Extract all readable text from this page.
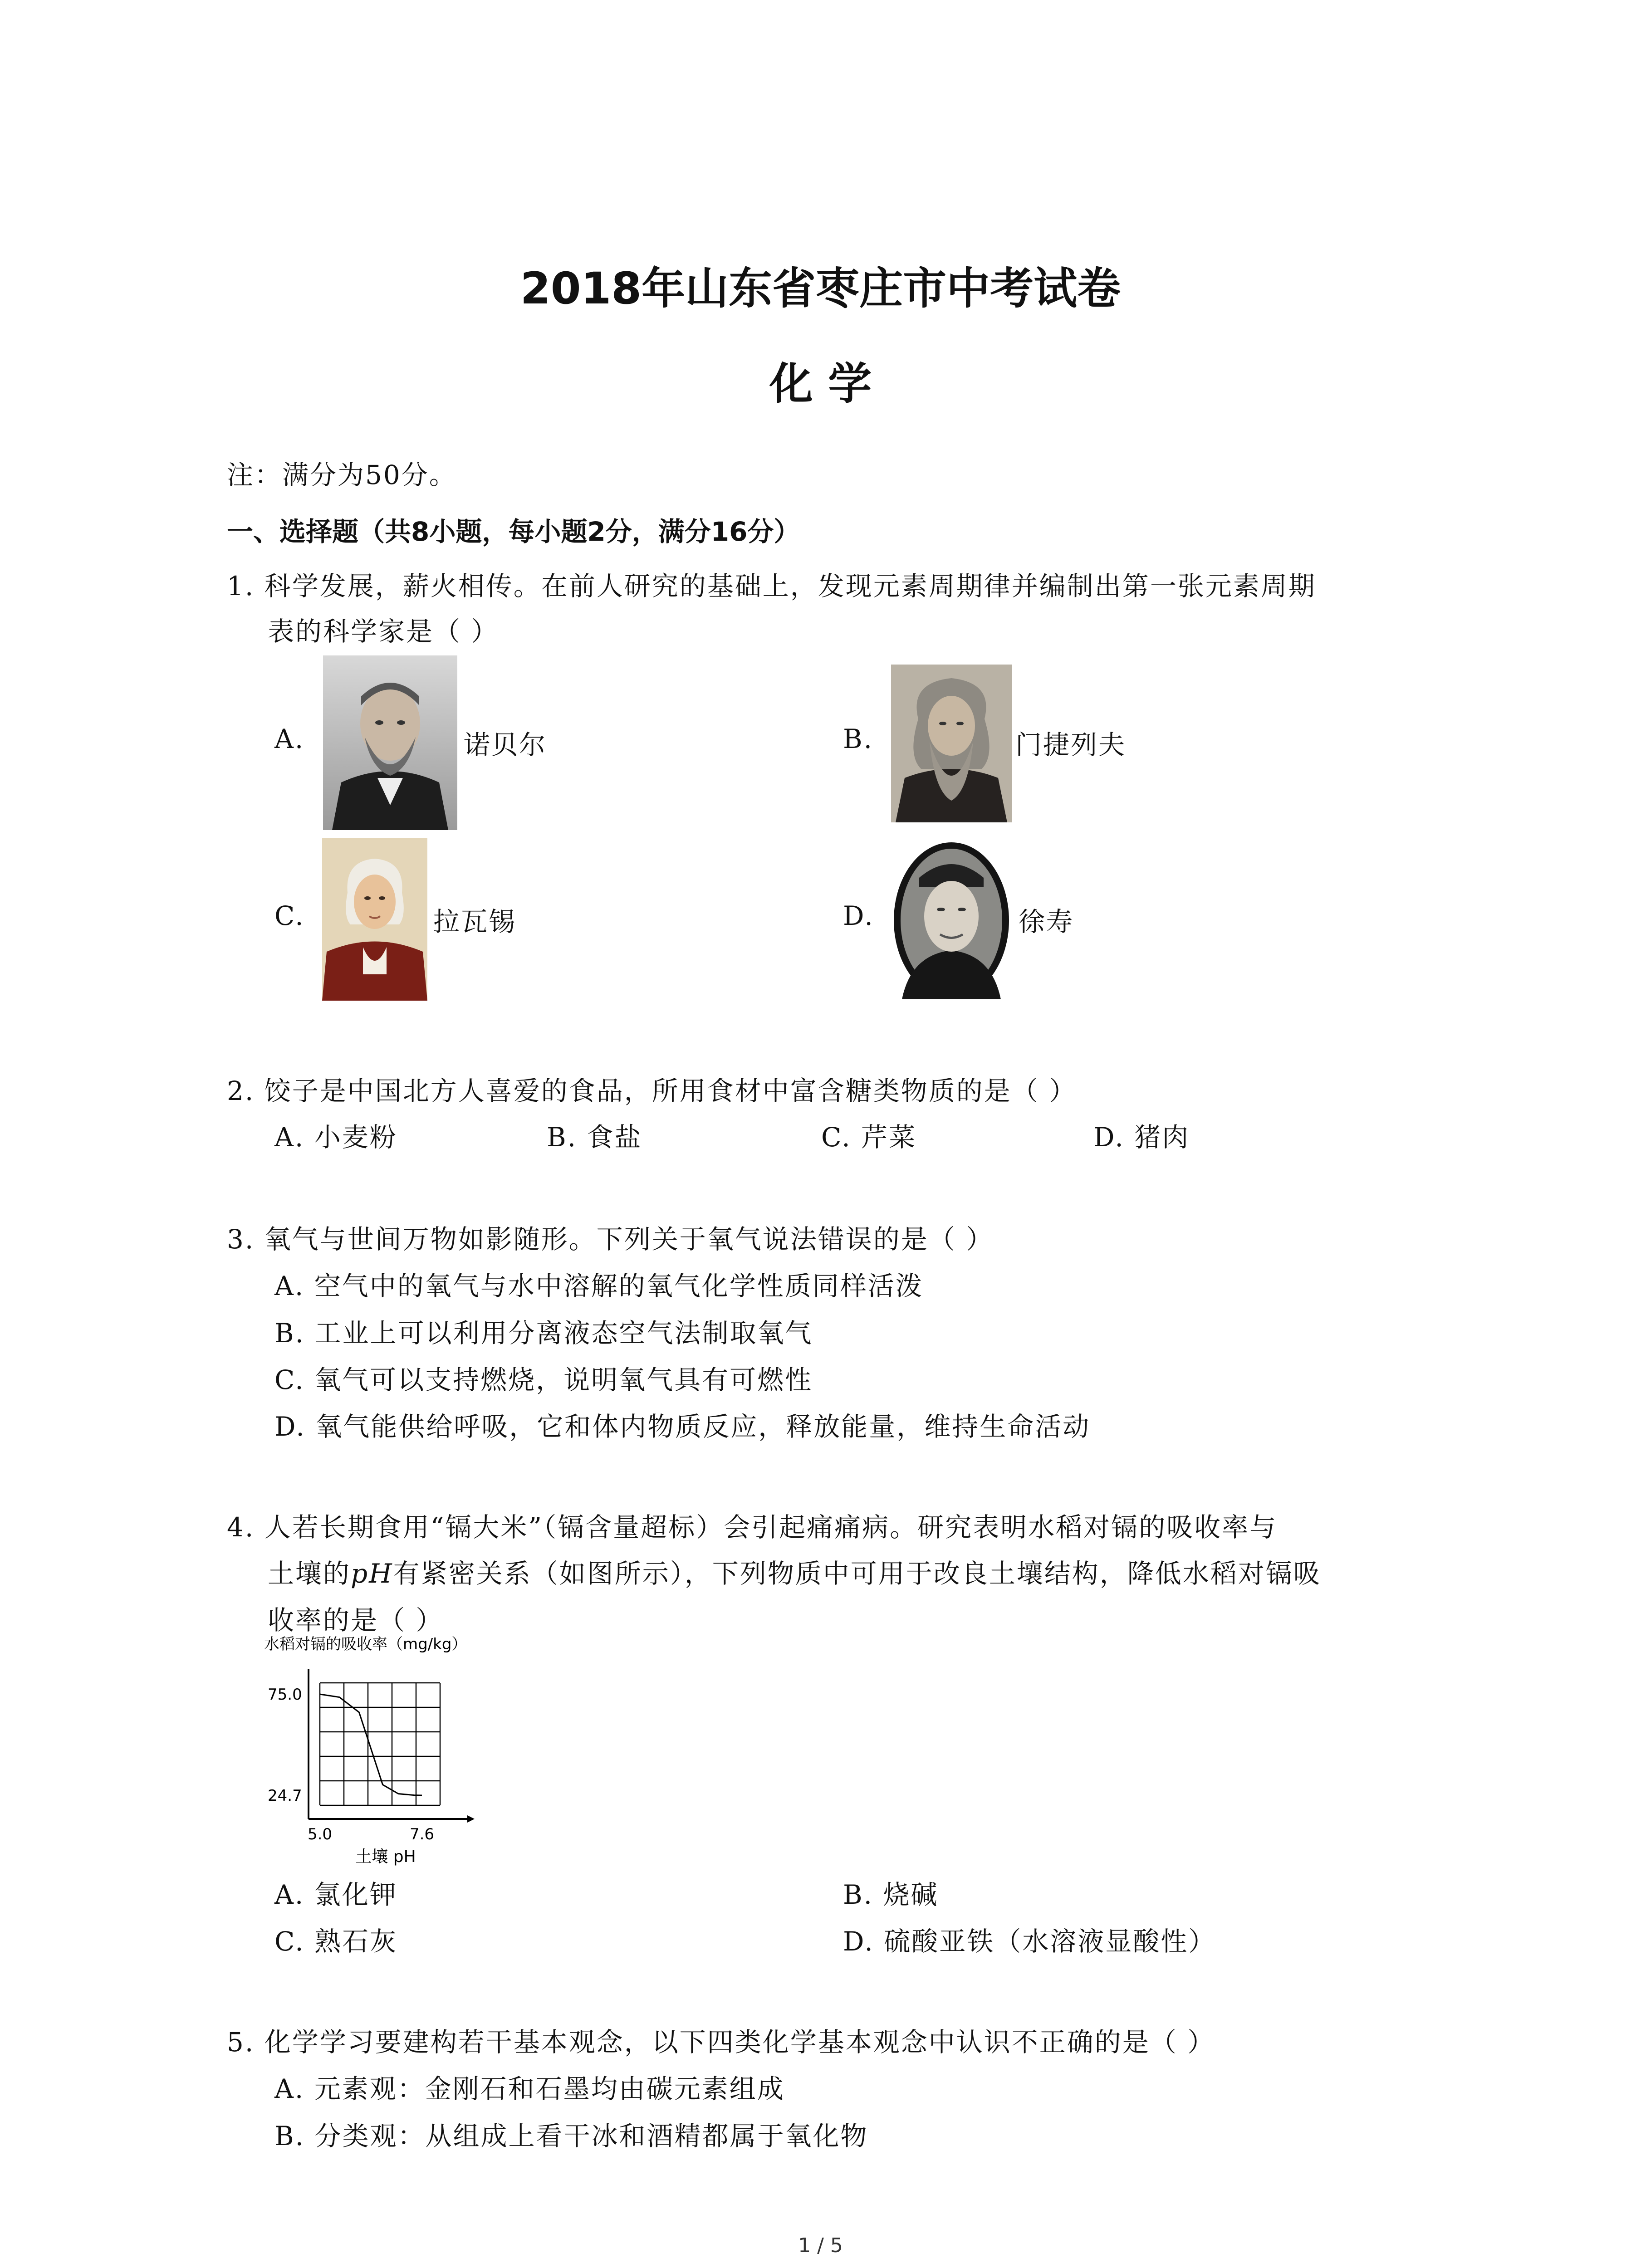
2018年山东省枣庄市中考试卷
化 学
注：满分为50分。
一、选择题（共8小题，每小题2分，满分16分）
1. 科学发展，薪火相传。在前人研究的基础上，发现元素周期律并编制出第一张元素周期
表的科学家是（ ）
A.	诺贝尔	B.	门捷列夫
C.	拉瓦锡	D.	徐寿
2. 饺子是中国北方人喜爱的食品，所用食材中富含糖类物质的是（ ）
A. 小麦粉	B. 食盐	C. 芹菜	D. 猪肉
3. 氧气与世间万物如影随形。下列关于氧气说法错误的是（ ）
A. 空气中的氧气与水中溶解的氧气化学性质同样活泼
B. 工业上可以利用分离液态空气法制取氧气
C. 氧气可以支持燃烧，说明氧气具有可燃性
D. 氧气能供给呼吸，它和体内物质反应，释放能量，维持生命活动
4. 人若长期食用“镉大米”（镉含量超标）会引起痛痛病。研究表明水稻对镉的吸收率与
土壤的pH有紧密关系（如图所示），下列物质中可用于改良土壤结构，降低水稻对镉吸
收率的是（ ）
水稻对镉的吸收率（mg/kg）
75.0
24.7
5.0	7.6
土壤 pH
A. 氯化钾	B. 烧碱
C. 熟石灰	D. 硫酸亚铁（水溶液显酸性）
5. 化学学习要建构若干基本观念，以下四类化学基本观念中认识不正确的是（ ）
A. 元素观：金刚石和石墨均由碳元素组成
B. 分类观：从组成上看干冰和酒精都属于氧化物
1 / 5
